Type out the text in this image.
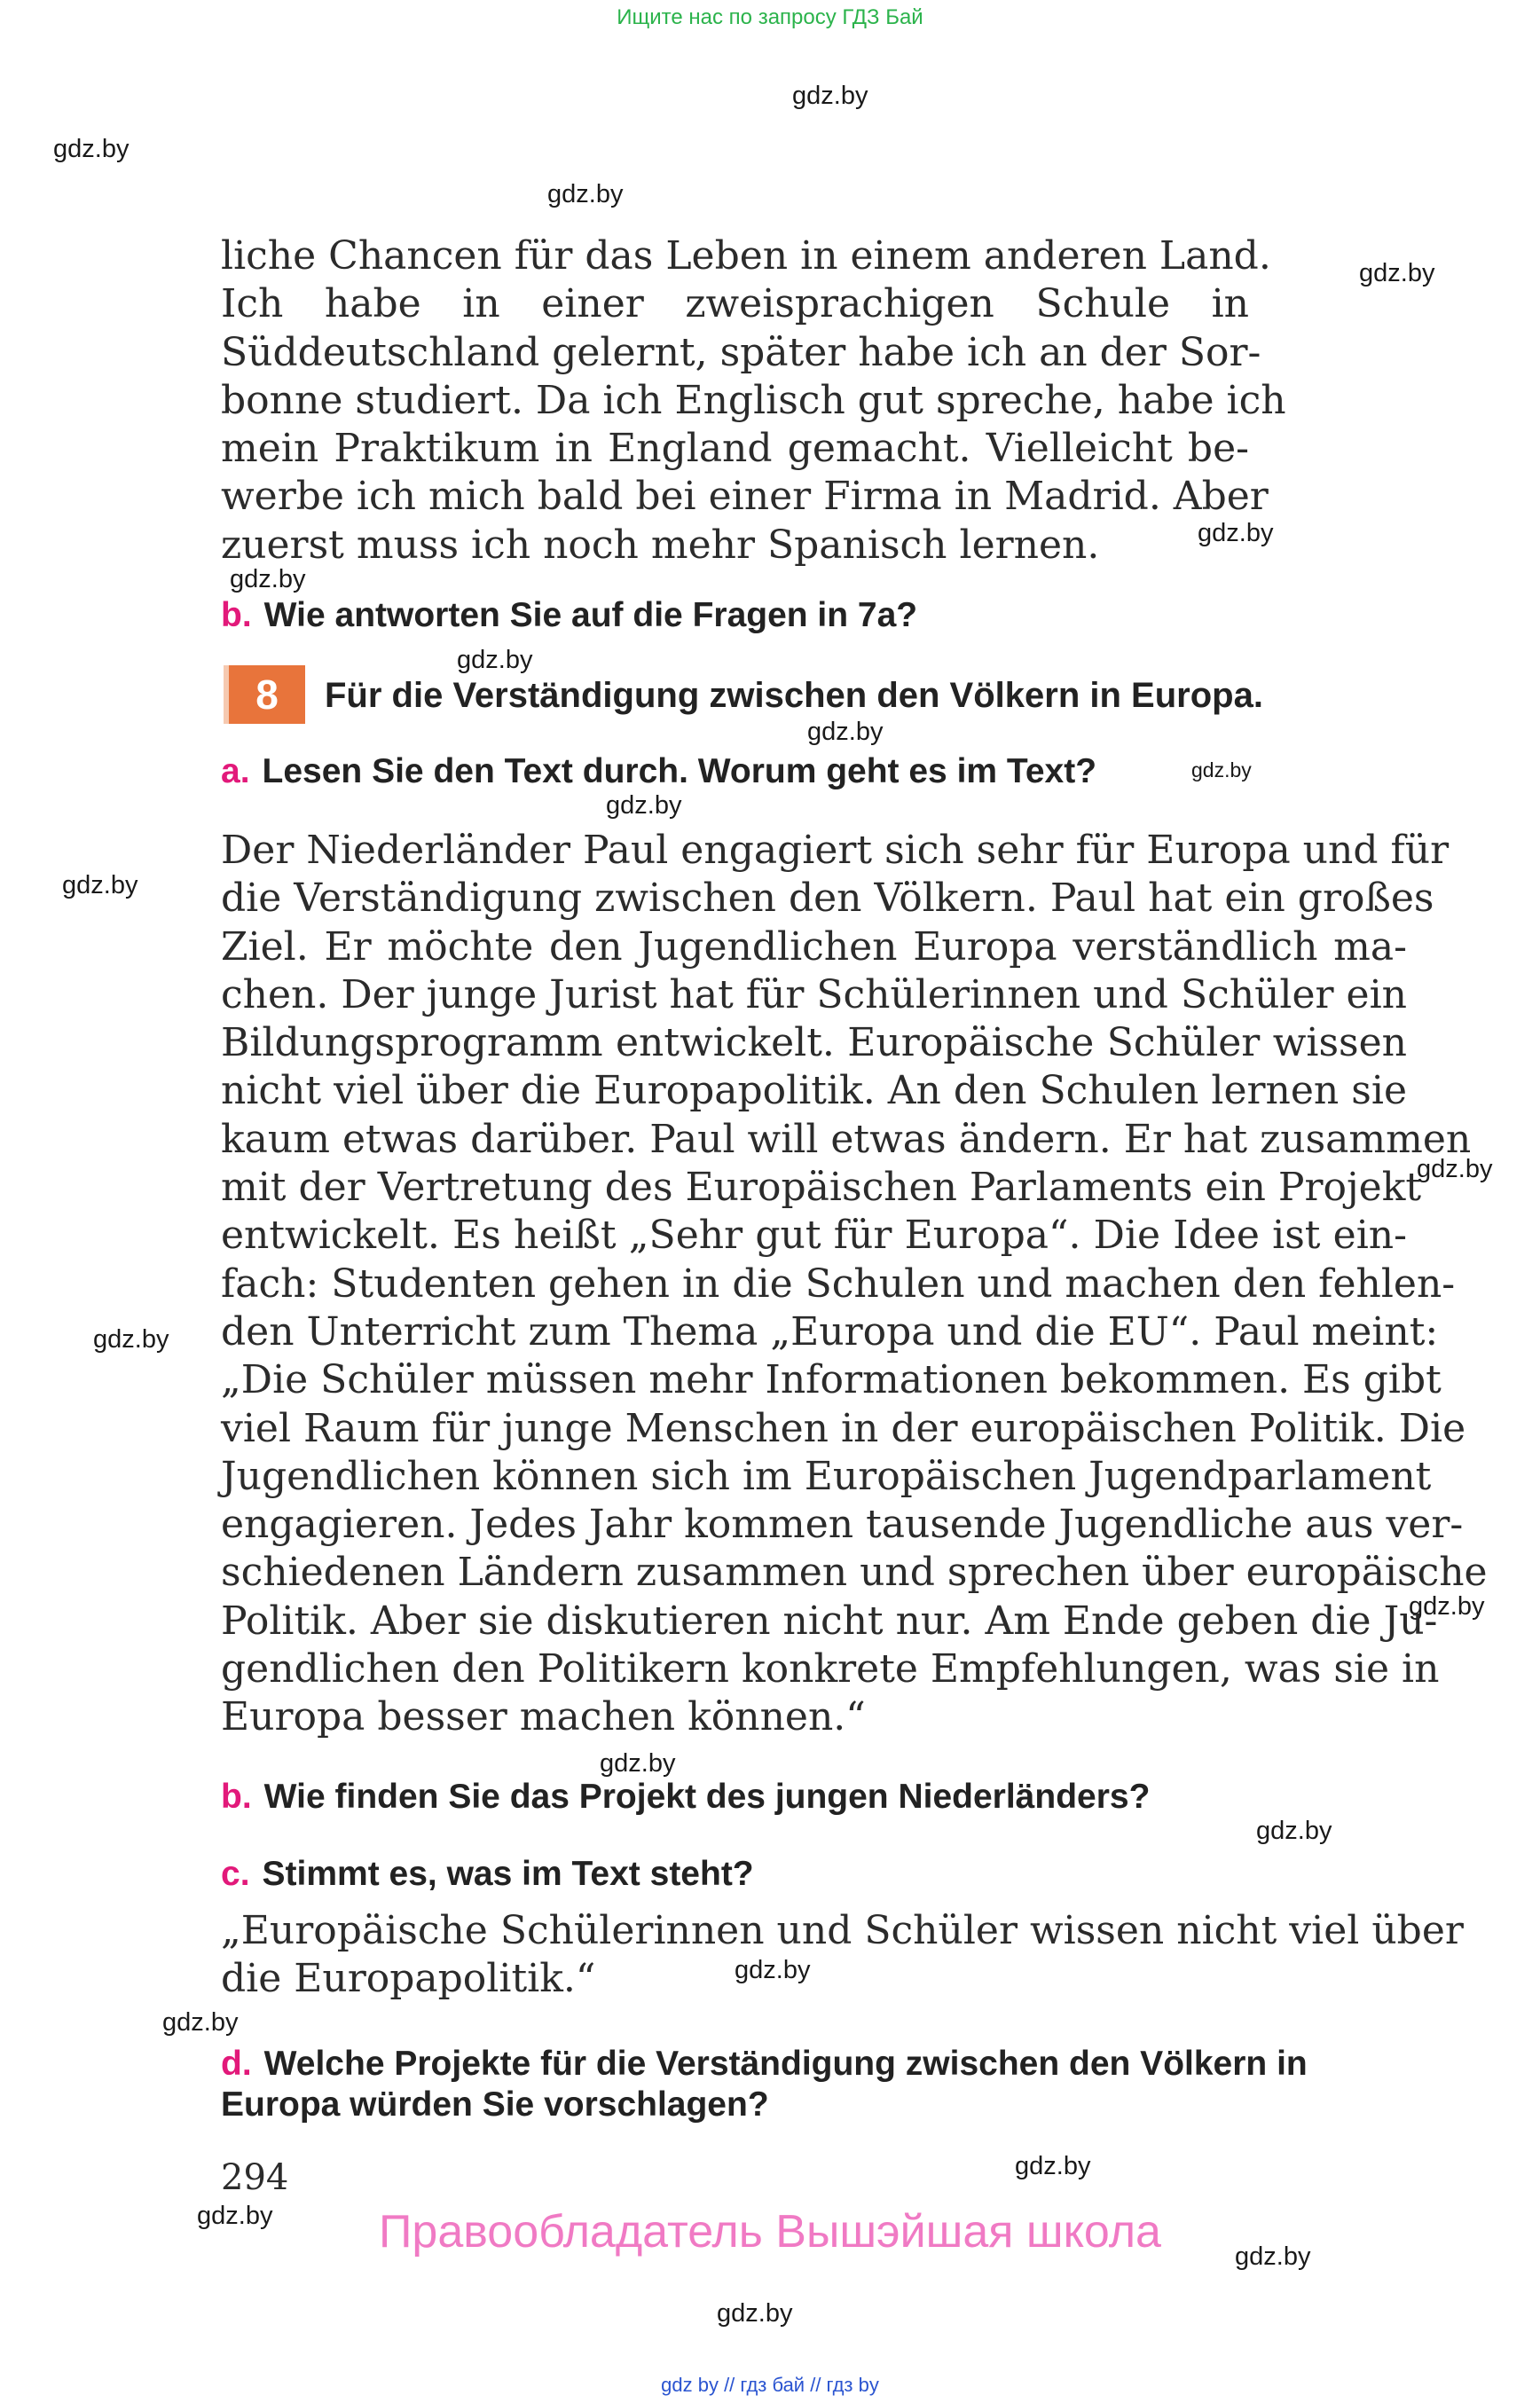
Ищите нас по запросу ГДЗ Бай
gdz.by
gdz.by
gdz.by
gdz.by
gdz.by
gdz.by
gdz.by
gdz.by
gdz.by
gdz.by
gdz.by
gdz.by
gdz.by
gdz.by
gdz.by
gdz.by
gdz.by
gdz.by
gdz.by
gdz.by
gdz.by
gdz.by
liche Chancen für das Leben in einem anderen Land.
Ich habe in einer zweisprachigen Schule in
Süddeutschland gelernt, später habe ich an der Sor-
bonne studiert. Da ich Englisch gut spreche, habe ich
mein Praktikum in England gemacht. Vielleicht be-
werbe ich mich bald bei einer Firma in Madrid. Aber
zuerst muss ich noch mehr Spanisch lernen.
b. Wie antworten Sie auf die Fragen in 7a?
8	Für die Verständigung zwischen den Völkern in Europa.
a. Lesen Sie den Text durch. Worum geht es im Text?
Der Niederländer Paul engagiert sich sehr für Europa und für
die Verständigung zwischen den Völkern. Paul hat ein großes
Ziel. Er möchte den Jugendlichen Europa verständlich ma-
chen. Der junge Jurist hat für Schülerinnen und Schüler ein
Bildungsprogramm entwickelt. Europäische Schüler wissen
nicht viel über die Europapolitik. An den Schulen lernen sie
kaum etwas darüber. Paul will etwas ändern. Er hat zusammen
mit der Vertretung des Europäischen Parlaments ein Projekt
entwickelt. Es heißt „Sehr gut für Europa“. Die Idee ist ein-
fach: Studenten gehen in die Schulen und machen den fehlen-
den Unterricht zum Thema „Europa und die EU“. Paul meint:
„Die Schüler müssen mehr Informationen bekommen. Es gibt
viel Raum für junge Menschen in der europäischen Politik. Die
Jugendlichen können sich im Europäischen Jugendparlament
engagieren. Jedes Jahr kommen tausende Jugendliche aus ver-
schiedenen Ländern zusammen und sprechen über europäische
Politik. Aber sie diskutieren nicht nur. Am Ende geben die Ju-
gendlichen den Politikern konkrete Empfehlungen, was sie in
Europa besser machen können.“
b. Wie finden Sie das Projekt des jungen Niederländers?
c. Stimmt es, was im Text steht?
„Europäische Schülerinnen und Schüler wissen nicht viel über
die Europapolitik.“
d. Welche Projekte für die Verständigung zwischen den Völkern in
Europa würden Sie vorschlagen?
294
Правообладатель Вышэйшая школа
gdz by // гдз бай // гдз by
